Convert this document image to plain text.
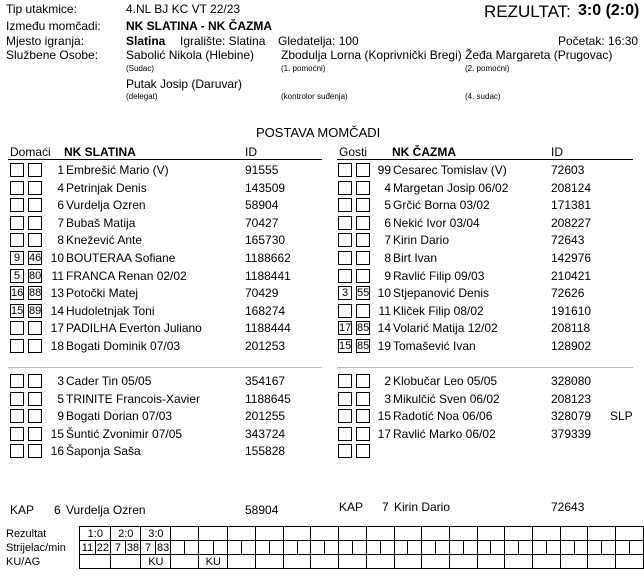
Tip utakmice:	4.NL BJ KC VT 22/23	REZULTAT: 3:0 (2:0)
Između momčadi: NK SLATINA - NK ČAZMA
Mjesto igranja:	Slatina Igralište: Slatina Gledatelja: 100	Početak: 16:30
Službene Osobe: Sabolić Nikola (Hlebine)
(Sudac)
Zbodulja Lorna (Koprivnički Bregi)
(1. pomoćni)
Žeđa Margareta (Prugovac)
(2. pomoćni)
Putak Josip (Daruvar)
(delegat)	(kontrolor suđenja)	(4. sudac)
POSTAVA MOMČADI
Domaći NK SLATINA	ID	Gosti NK ČAZMA	ID
1 Embrešić Mario (V)	91555
4 Petrinjak Denis	143509
6 Vurdelja Ozren	58904
7 Bubaš Matija	70427
8 Knežević Ante	165730
9 46 10 BOUTERAA Sofiane	1188662
5 80 11 FRANCA Renan 02/02	1188441
16 88 13 Potočki Matej	70429
15 89 14 Hudoletnjak Toni	168274
17 PADILHA Everton Juliano	1188444
18 Bogati Dominik 07/03	201253
3 Cader Tin 05/05	354167
5 TRINITE Francois-Xavier	1188645
9 Bogati Dorian 07/03	201255
15 Šuntić Zvonimir 07/05	343724
16 Šaponja Saša	155828
99 Cesarec Tomislav (V)	72603
4 Margetan Josip 06/02	208124
5 Grčić Borna 03/02	171381
6 Nekić Ivor 03/04	208227
7 Kirin Dario	72643
8 Birt Ivan	142976
9 Ravlić Filip 09/03	210421
3 55 10 Stjepanović Denis	72626
11 Kliček Filip 08/02	191610
17 85 14 Volarić Matija 12/02	208118
15 85 19 Tomašević Ivan	128902
2 Klobučar Leo 05/05	328080
3 Mikulčić Sven 06/02	208123
15 Radotić Noa 06/06	328079 SLP
17 Ravlić Marko 06/02	379339
KAP 6 Vurdelja Ozren	58904	KAP 7 Kirin Dario	72643
Rezultat	1:0		2:0		3:0																																			
Strijelac/min	11	22	7	38	7	83																																		
KU/AG					KU				KU																															
